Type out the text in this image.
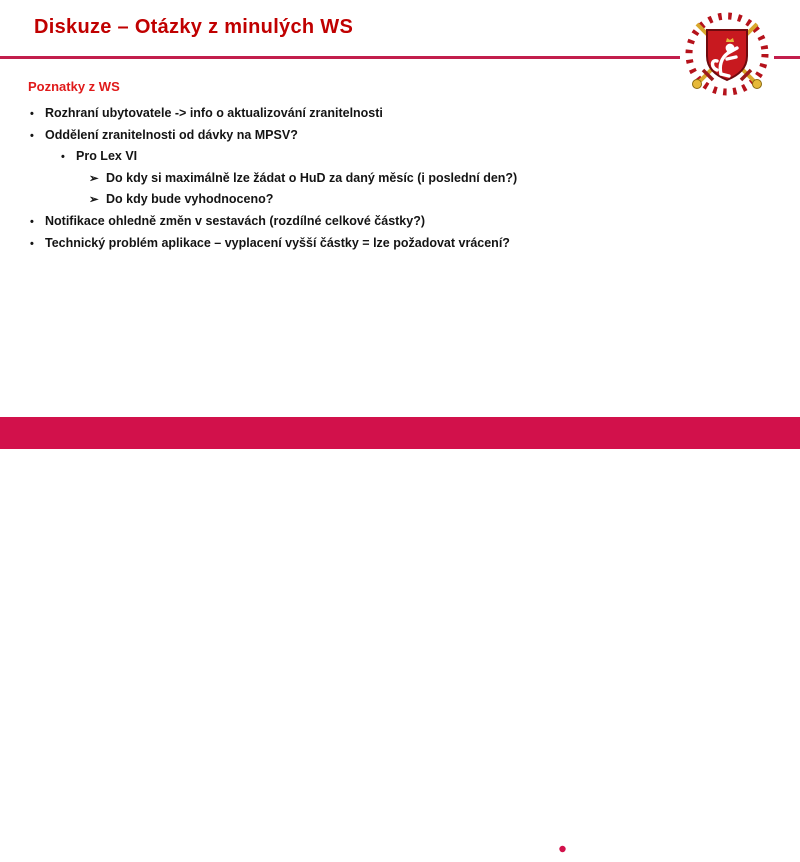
Diskuze – Otázky z minulých WS
Poznatky z WS
• Rozhraní ubytovatele -> info o aktualizování zranitelnosti
• Oddělení zranitelnosti od dávky na MPSV?
• Pro Lex VI
➢ Do kdy si maximálně lze žádat o HuD za daný měsíc (i poslední den?)
➢ Do kdy bude vyhodnoceno?
• Notifikace ohledně změn v sestavách (rozdílné celkové částky?)
• Technický problém aplikace – vyplacení vyšší částky = lze požadovat vrácení?
MINISTERSTVO ZDRAVOTNICTVÍ
ČESKÉ REPUBLIKY	ČR
